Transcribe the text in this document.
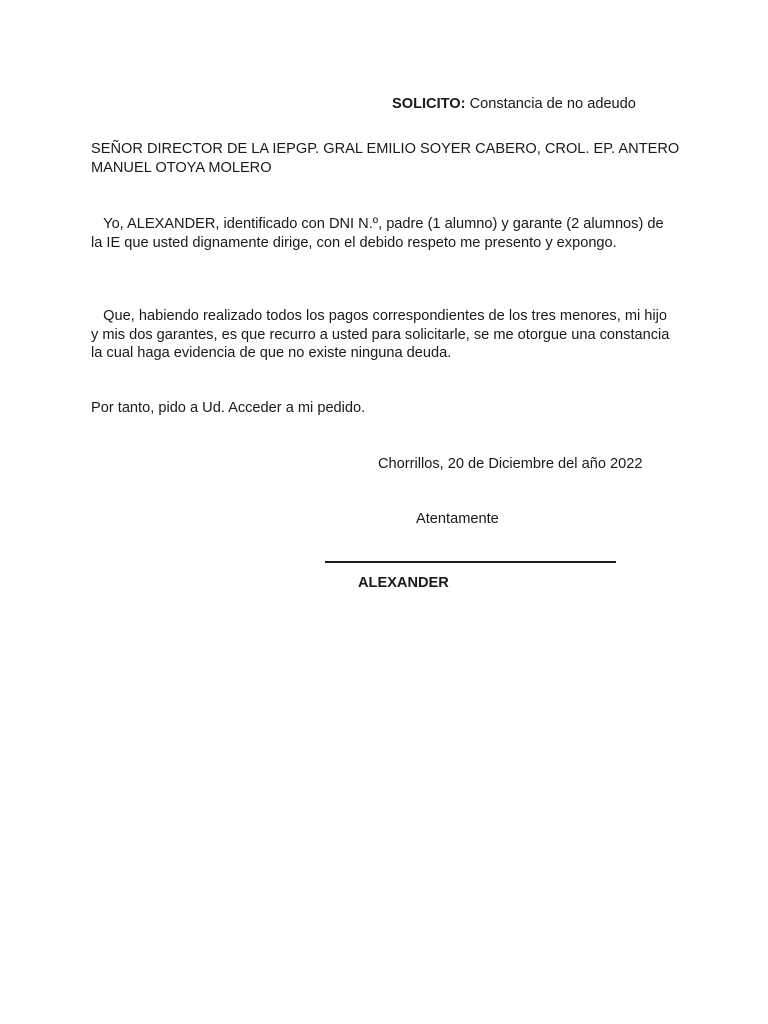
SOLICITO: Constancia de no adeudo

SEÑOR DIRECTOR DE LA IEPGP. GRAL EMILIO SOYER CABERO, CROL. EP. ANTERO MANUEL OTOYA MOLERO

Yo, ALEXANDER, identificado con DNI N.º, padre (1 alumno) y garante (2 alumnos) de la IE que usted dignamente dirige, con el debido respeto me presento y expongo.

Que, habiendo realizado todos los pagos correspondientes de los tres menores, mi hijo y mis dos garantes, es que recurro a usted para solicitarle, se me otorgue una constancia la cual haga evidencia de que no existe ninguna deuda.

Por tanto, pido a Ud. Acceder a mi pedido.

Chorrillos, 20 de Diciembre del año 2022

Atentamente

ALEXANDER
